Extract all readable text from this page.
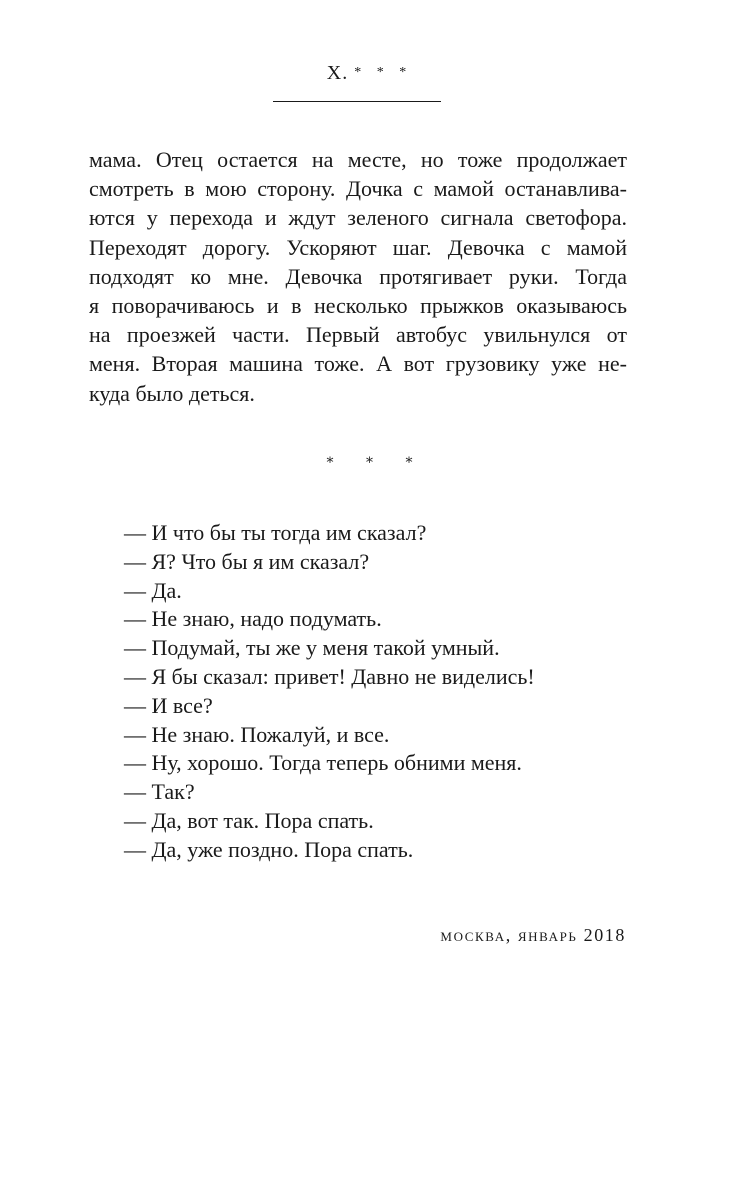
X. * * *
мама. Отец остается на месте, но тоже продолжает
смотреть в мою сторону. Дочка с мамой останавлива-
ются у перехода и ждут зеленого сигнала светофора.
Переходят дорогу. Ускоряют шаг. Девочка с мамой
подходят ко мне. Девочка протягивает руки. Тогда
я поворачиваюсь и в несколько прыжков оказываюсь
на проезжей части. Первый автобус увильнулся от
меня. Вторая машина тоже. А вот грузовику уже не-
куда было деться.
* * *
— И что бы ты тогда им сказал?
— Я? Что бы я им сказал?
— Да.
— Не знаю, надо подумать.
— Подумай, ты же у меня такой умный.
— Я бы сказал: привет! Давно не виделись!
— И все?
— Не знаю. Пожалуй, и все.
— Ну, хорошо. Тогда теперь обними меня.
— Так?
— Да, вот так. Пора спать.
— Да, уже поздно. Пора спать.
москва, январь 2018
